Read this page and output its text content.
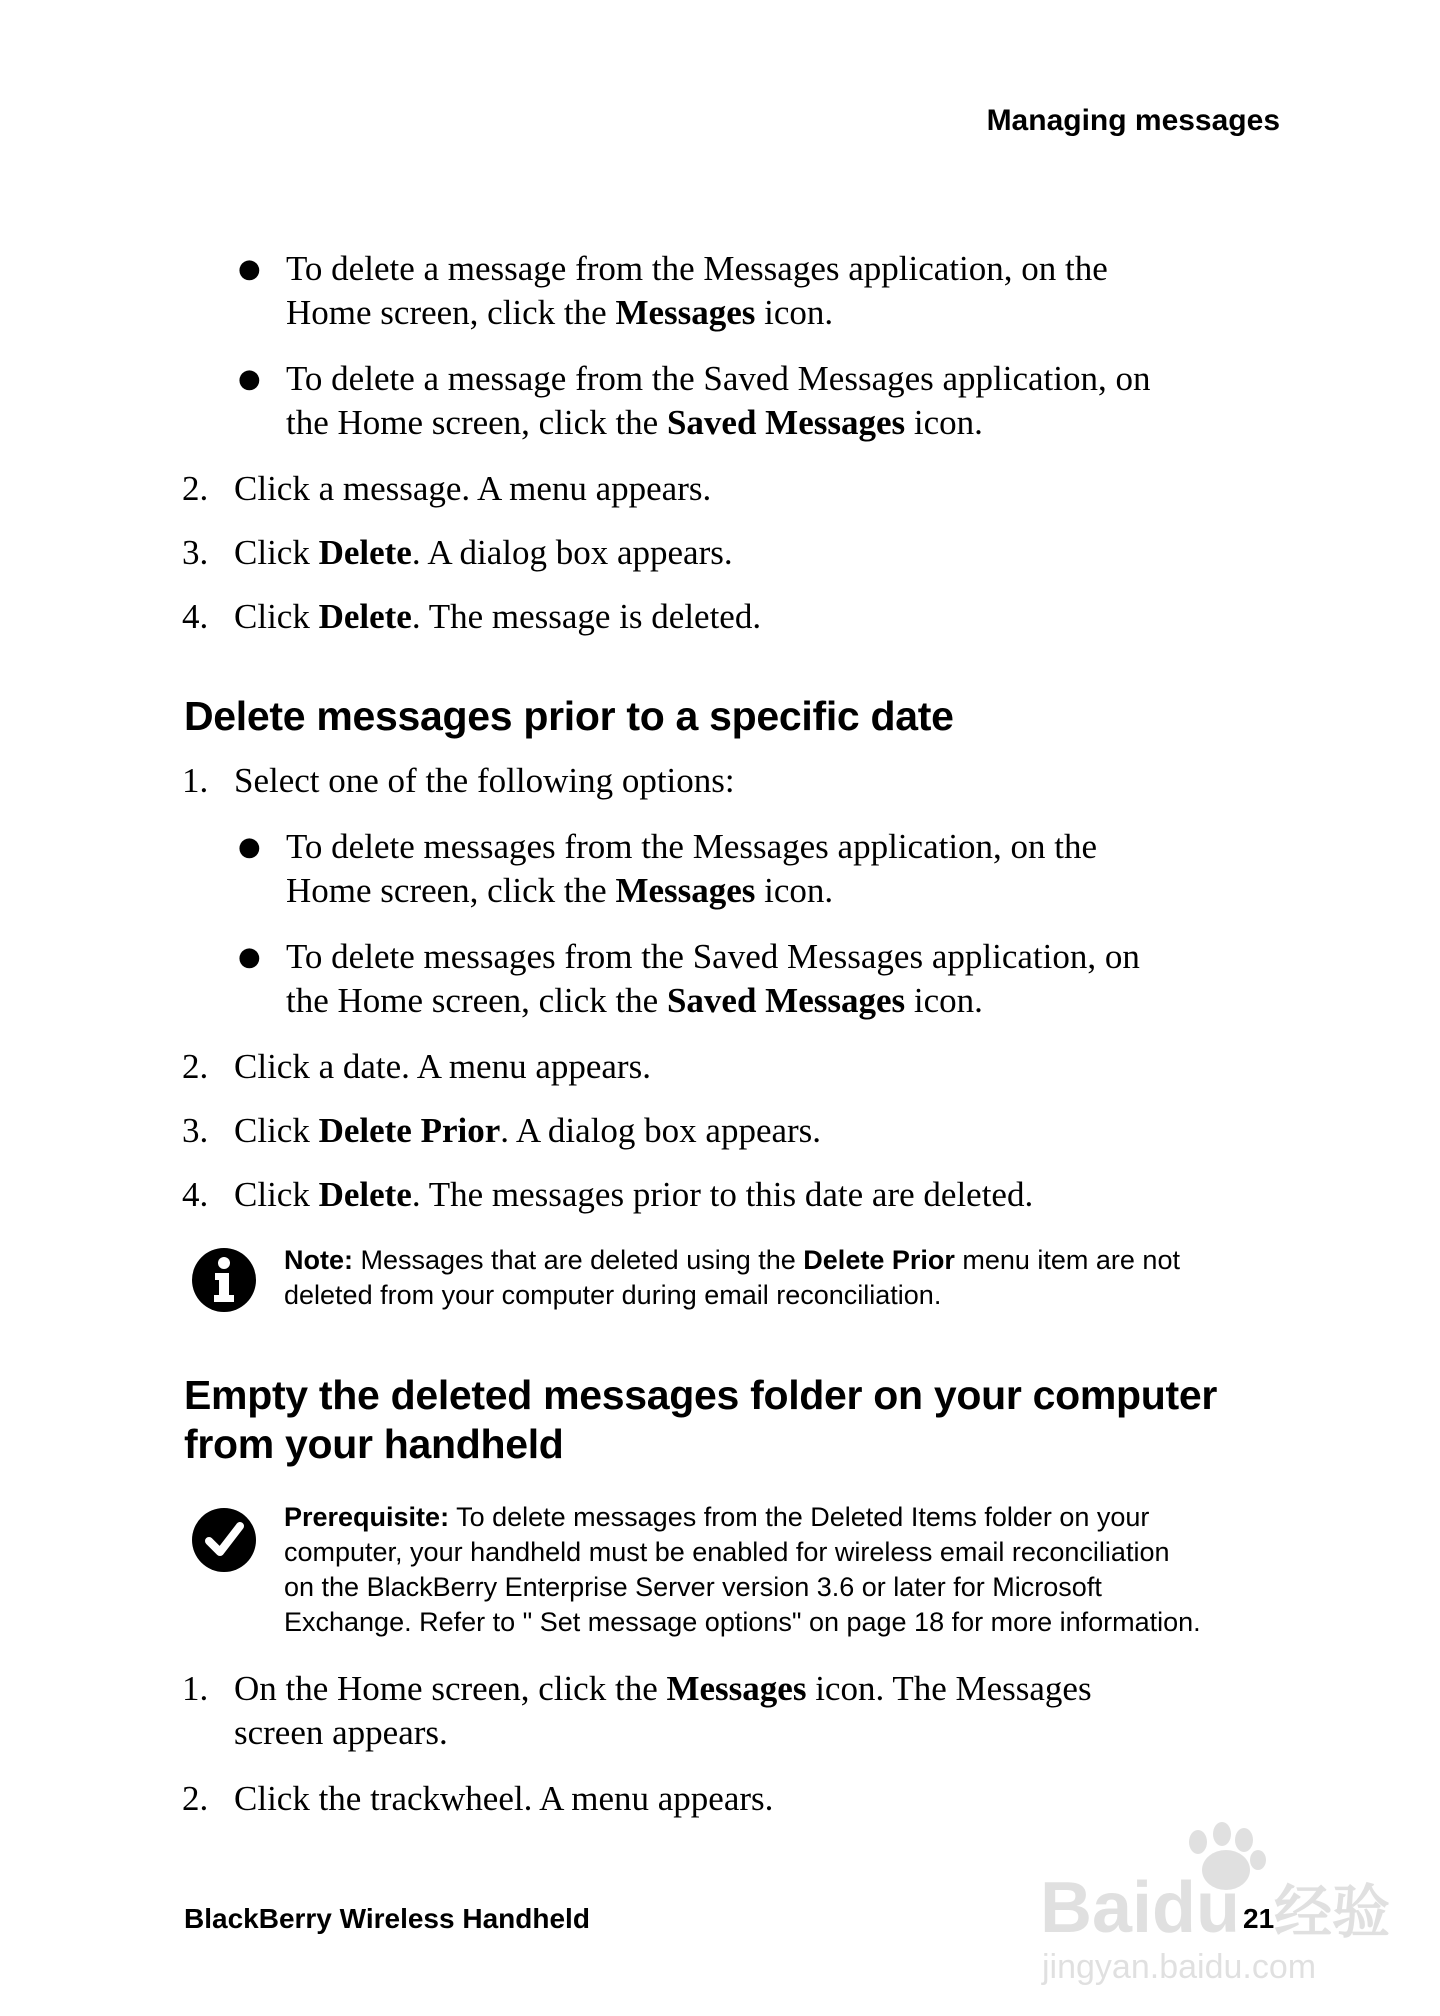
Managing messages
● To delete a message from the Messages application, on the
Home screen, click the Messages icon.
● To delete a message from the Saved Messages application, on
the Home screen, click the Saved Messages icon.
2. Click a message. A menu appears.
3. Click Delete. A dialog box appears.
4. Click Delete. The message is deleted.
Delete messages prior to a specific date
1. Select one of the following options:
● To delete messages from the Messages application, on the
Home screen, click the Messages icon.
● To delete messages from the Saved Messages application, on
the Home screen, click the Saved Messages icon.
2. Click a date. A menu appears.
3. Click Delete Prior. A dialog box appears.
4. Click Delete. The messages prior to this date are deleted.
Note: Messages that are deleted using the Delete Prior menu item are not
deleted from your computer during email reconciliation.
Empty the deleted messages folder on your computer
from your handheld
Prerequisite: To delete messages from the Deleted Items folder on your
computer, your handheld must be enabled for wireless email reconciliation
on the BlackBerry Enterprise Server version 3.6 or later for Microsoft
Exchange. Refer to " Set message options" on page 18 for more information.
1. On the Home screen, click the Messages icon. The Messages
screen appears.
2. Click the trackwheel. A menu appears.
BlackBerry Wireless Handheld	21
Baidu 经验
jingyan.baidu.com
